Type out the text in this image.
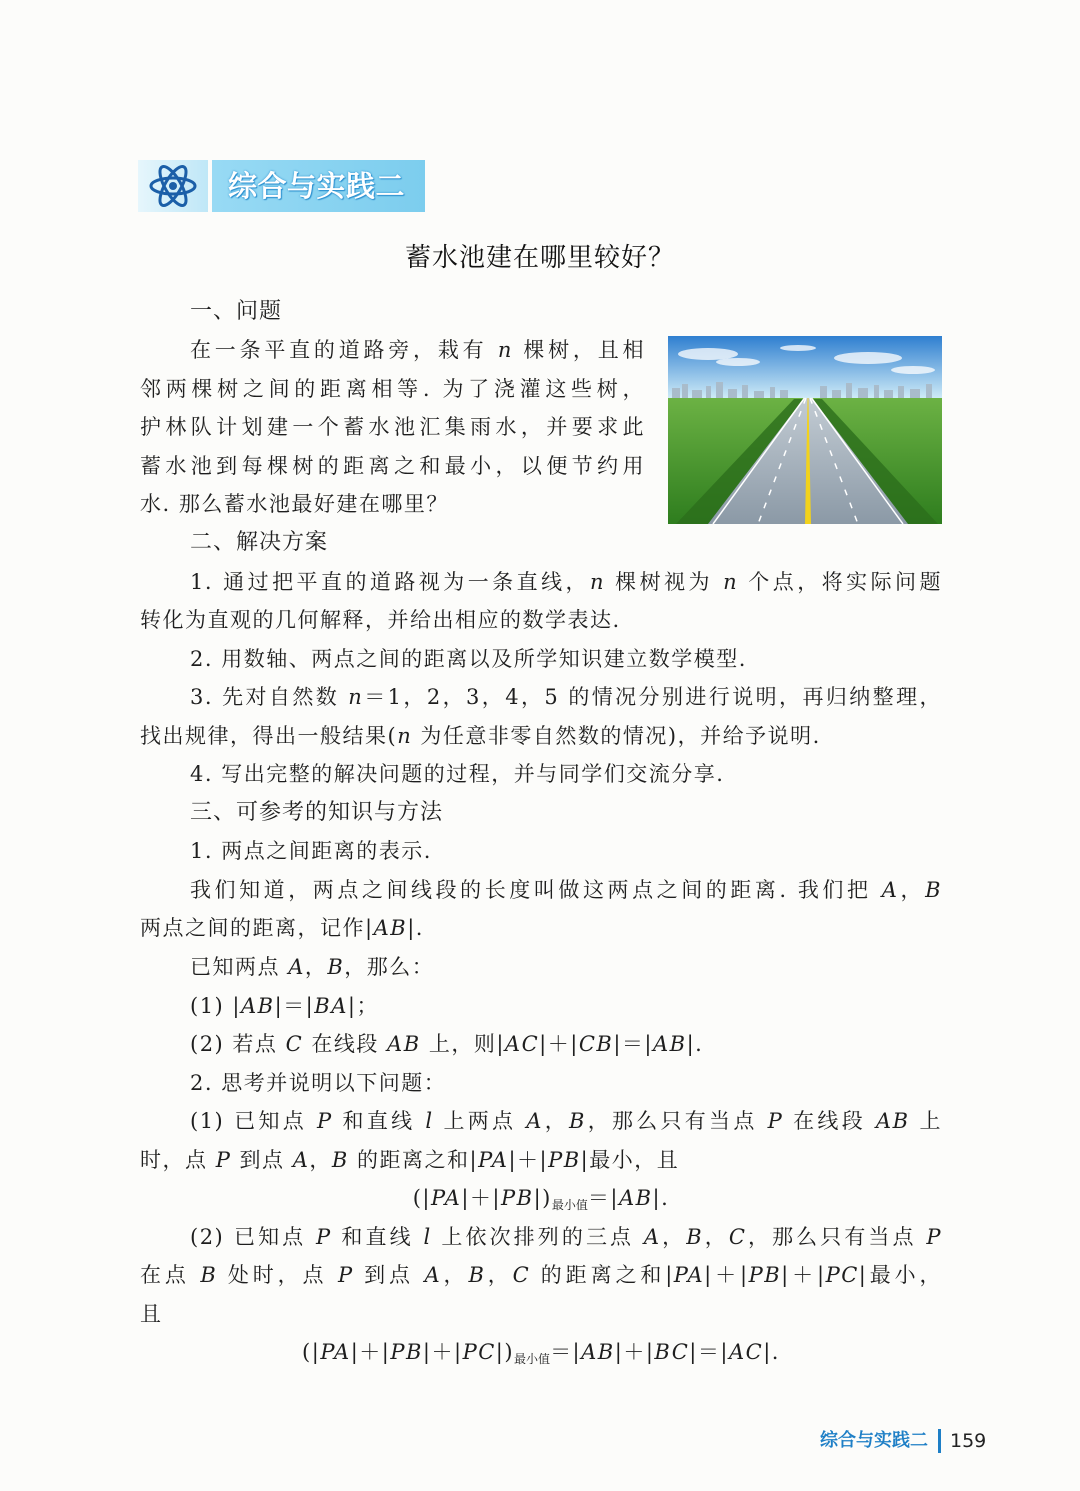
综合与实践二
蓄水池建在哪里较好？
一、问题
在一条平直的道路旁，栽有 n 棵树，且相
邻两棵树之间的距离相等. 为了浇灌这些树，
护林队计划建一个蓄水池汇集雨水，并要求此
蓄水池到每棵树的距离之和最小，以便节约用
水. 那么蓄水池最好建在哪里？
二、解决方案
1. 通过把平直的道路视为一条直线，n 棵树视为 n 个点，将实际问题
转化为直观的几何解释，并给出相应的数学表达.
2. 用数轴、两点之间的距离以及所学知识建立数学模型.
3. 先对自然数 n＝1，2，3，4，5 的情况分别进行说明，再归纳整理，
找出规律，得出一般结果(n 为任意非零自然数的情况)，并给予说明.
4. 写出完整的解决问题的过程，并与同学们交流分享.
三、可参考的知识与方法
1. 两点之间距离的表示.
我们知道，两点之间线段的长度叫做这两点之间的距离. 我们把 A，B
两点之间的距离，记作|AB|.
已知两点 A，B，那么：
(1) |AB|＝|BA|；
(2) 若点 C 在线段 AB 上，则|AC|＋|CB|＝|AB|.
2. 思考并说明以下问题：
(1) 已知点 P 和直线 l 上两点 A，B，那么只有当点 P 在线段 AB 上
时，点 P 到点 A，B 的距离之和|PA|＋|PB|最小，且
$(|PA|+|PB|)_{最小值}=|AB|$.
(2) 已知点 P 和直线 l 上依次排列的三点 A，B，C，那么只有当点 P
在点 B 处时，点 P 到点 A，B，C 的距离之和|PA|＋|PB|＋|PC|最小，
且
$(|PA|+|PB|+|PC|)_{最小值}=|AB|+|BC|=|AC|$.
综合与实践二 159
